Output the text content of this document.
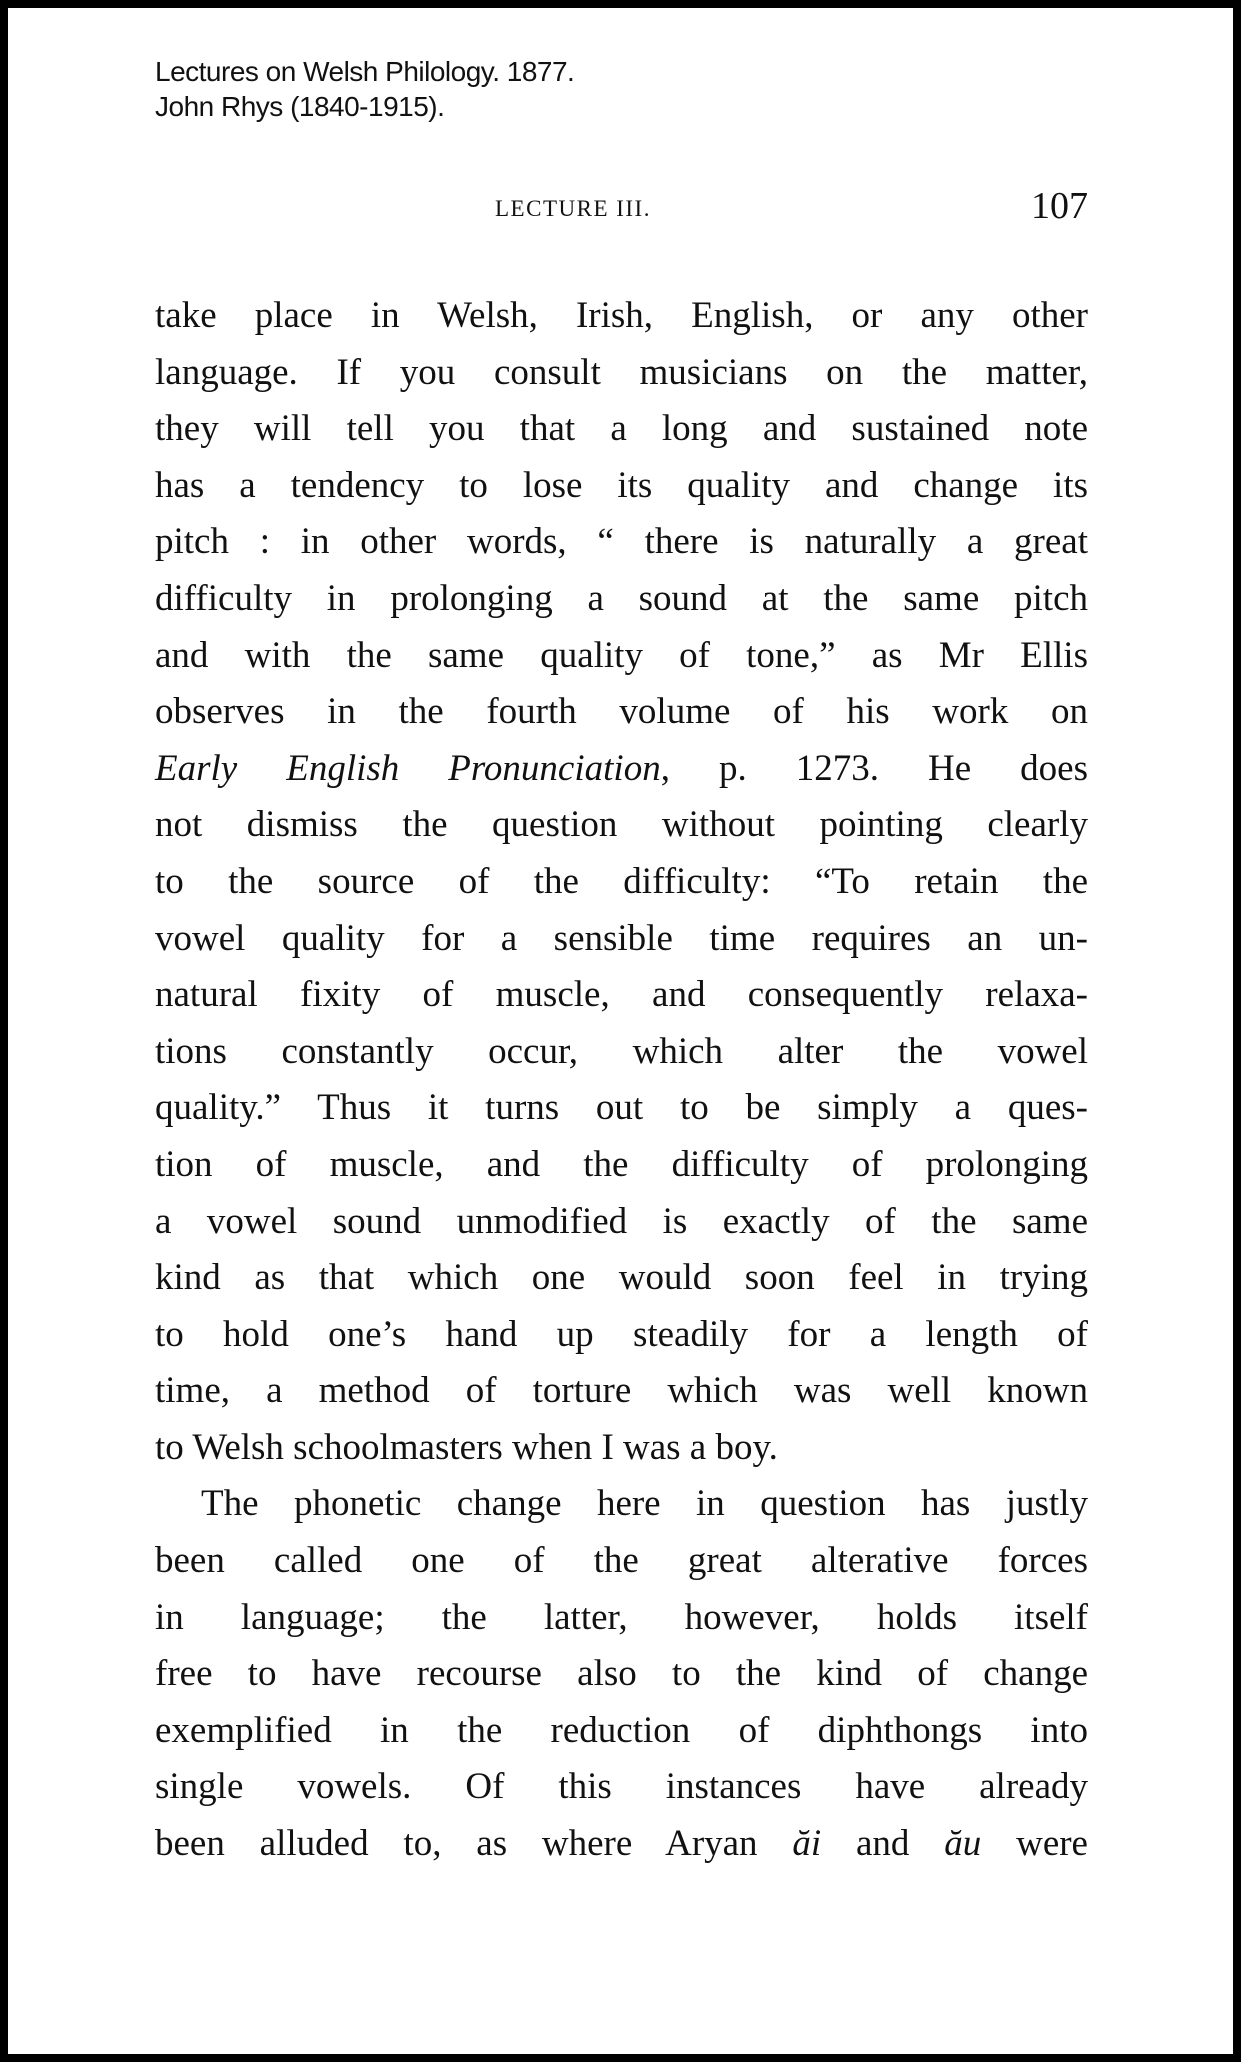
Lectures on Welsh Philology. 1877.
John Rhys (1840-1915).
LECTURE III.	107
take place in Welsh, Irish, English, or any other
language. If you consult musicians on the matter,
they will tell you that a long and sustained note
has a tendency to lose its quality and change its
pitch : in other words, “ there is naturally a great
difficulty in prolonging a sound at the same pitch
and with the same quality of tone,” as Mr Ellis
observes in the fourth volume of his work on
Early English Pronunciation, p. 1273. He does
not dismiss the question without pointing clearly
to the source of the difficulty: “To retain the
vowel quality for a sensible time requires an un-
natural fixity of muscle, and consequently relaxa-
tions constantly occur, which alter the vowel
quality.” Thus it turns out to be simply a ques-
tion of muscle, and the difficulty of prolonging
a vowel sound unmodified is exactly of the same
kind as that which one would soon feel in trying
to hold one’s hand up steadily for a length of
time, a method of torture which was well known
to Welsh schoolmasters when I was a boy.
The phonetic change here in question has justly
been called one of the great alterative forces
in language; the latter, however, holds itself
free to have recourse also to the kind of change
exemplified in the reduction of diphthongs into
single vowels. Of this instances have already
been alluded to, as where Aryan ăi and ău were
